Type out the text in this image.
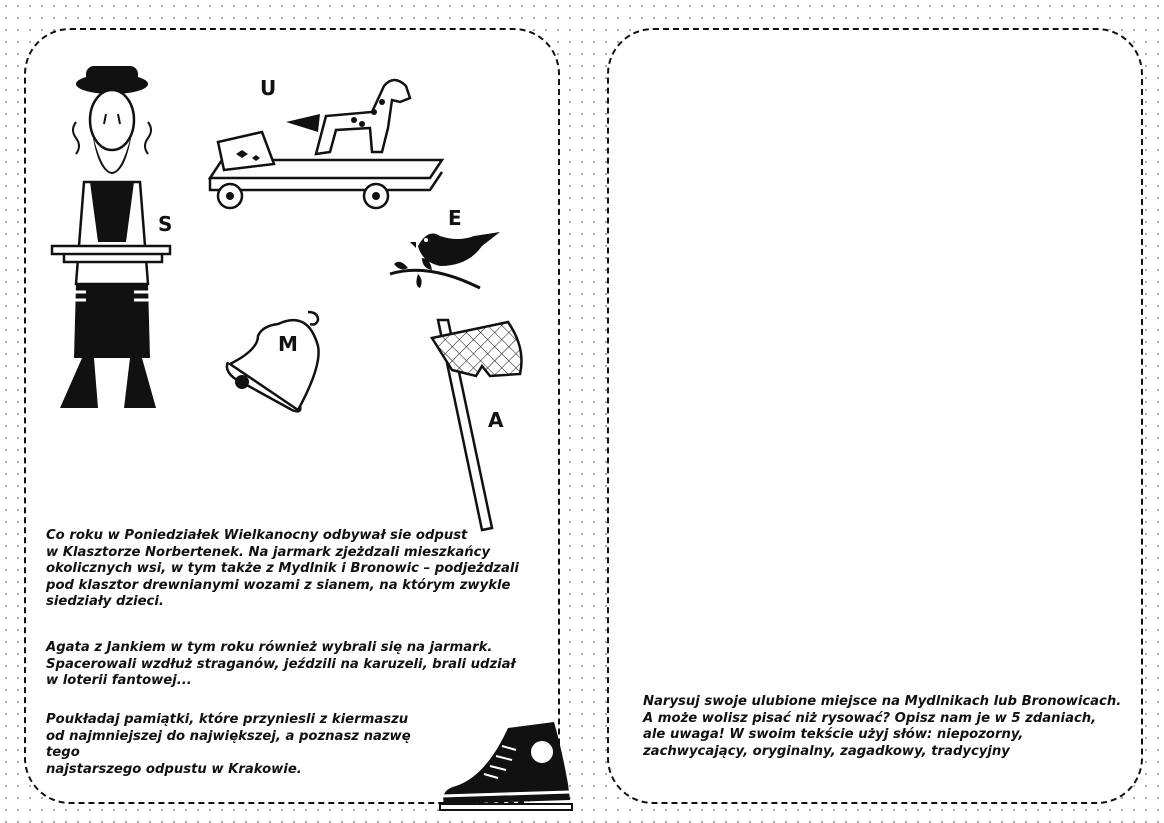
U
E
S
M
A

Co roku w Poniedziałek Wielkanocny odbywał sie odpust
w Klasztorze Norbertenek. Na jarmark zjeżdzali mieszkańcy
okolicznych wsi, w tym także z Mydlnik i Bronowic – podjeżdzali
pod klasztor drewnianymi wozami z sianem, na którym zwykle
siedziały dzieci.

Agata z Jankiem w tym roku również wybrali się na jarmark.
Spacerowali wzdłuż straganów, jeździli na karuzeli, brali udział
w loterii fantowej...

Poukładaj pamiątki, które przyniesli z kiermaszu
od najmniejszej do największej, a poznasz nazwę tego
najstarszego odpustu w Krakowie.

Narysuj swoje ulubione miejsce na Mydlnikach lub Bronowicach.
A może wolisz pisać niż rysować? Opisz nam je w 5 zdaniach,
ale uwaga! W swoim tekście użyj słów: niepozorny,
zachwycający, oryginalny, zagadkowy, tradycyjny
